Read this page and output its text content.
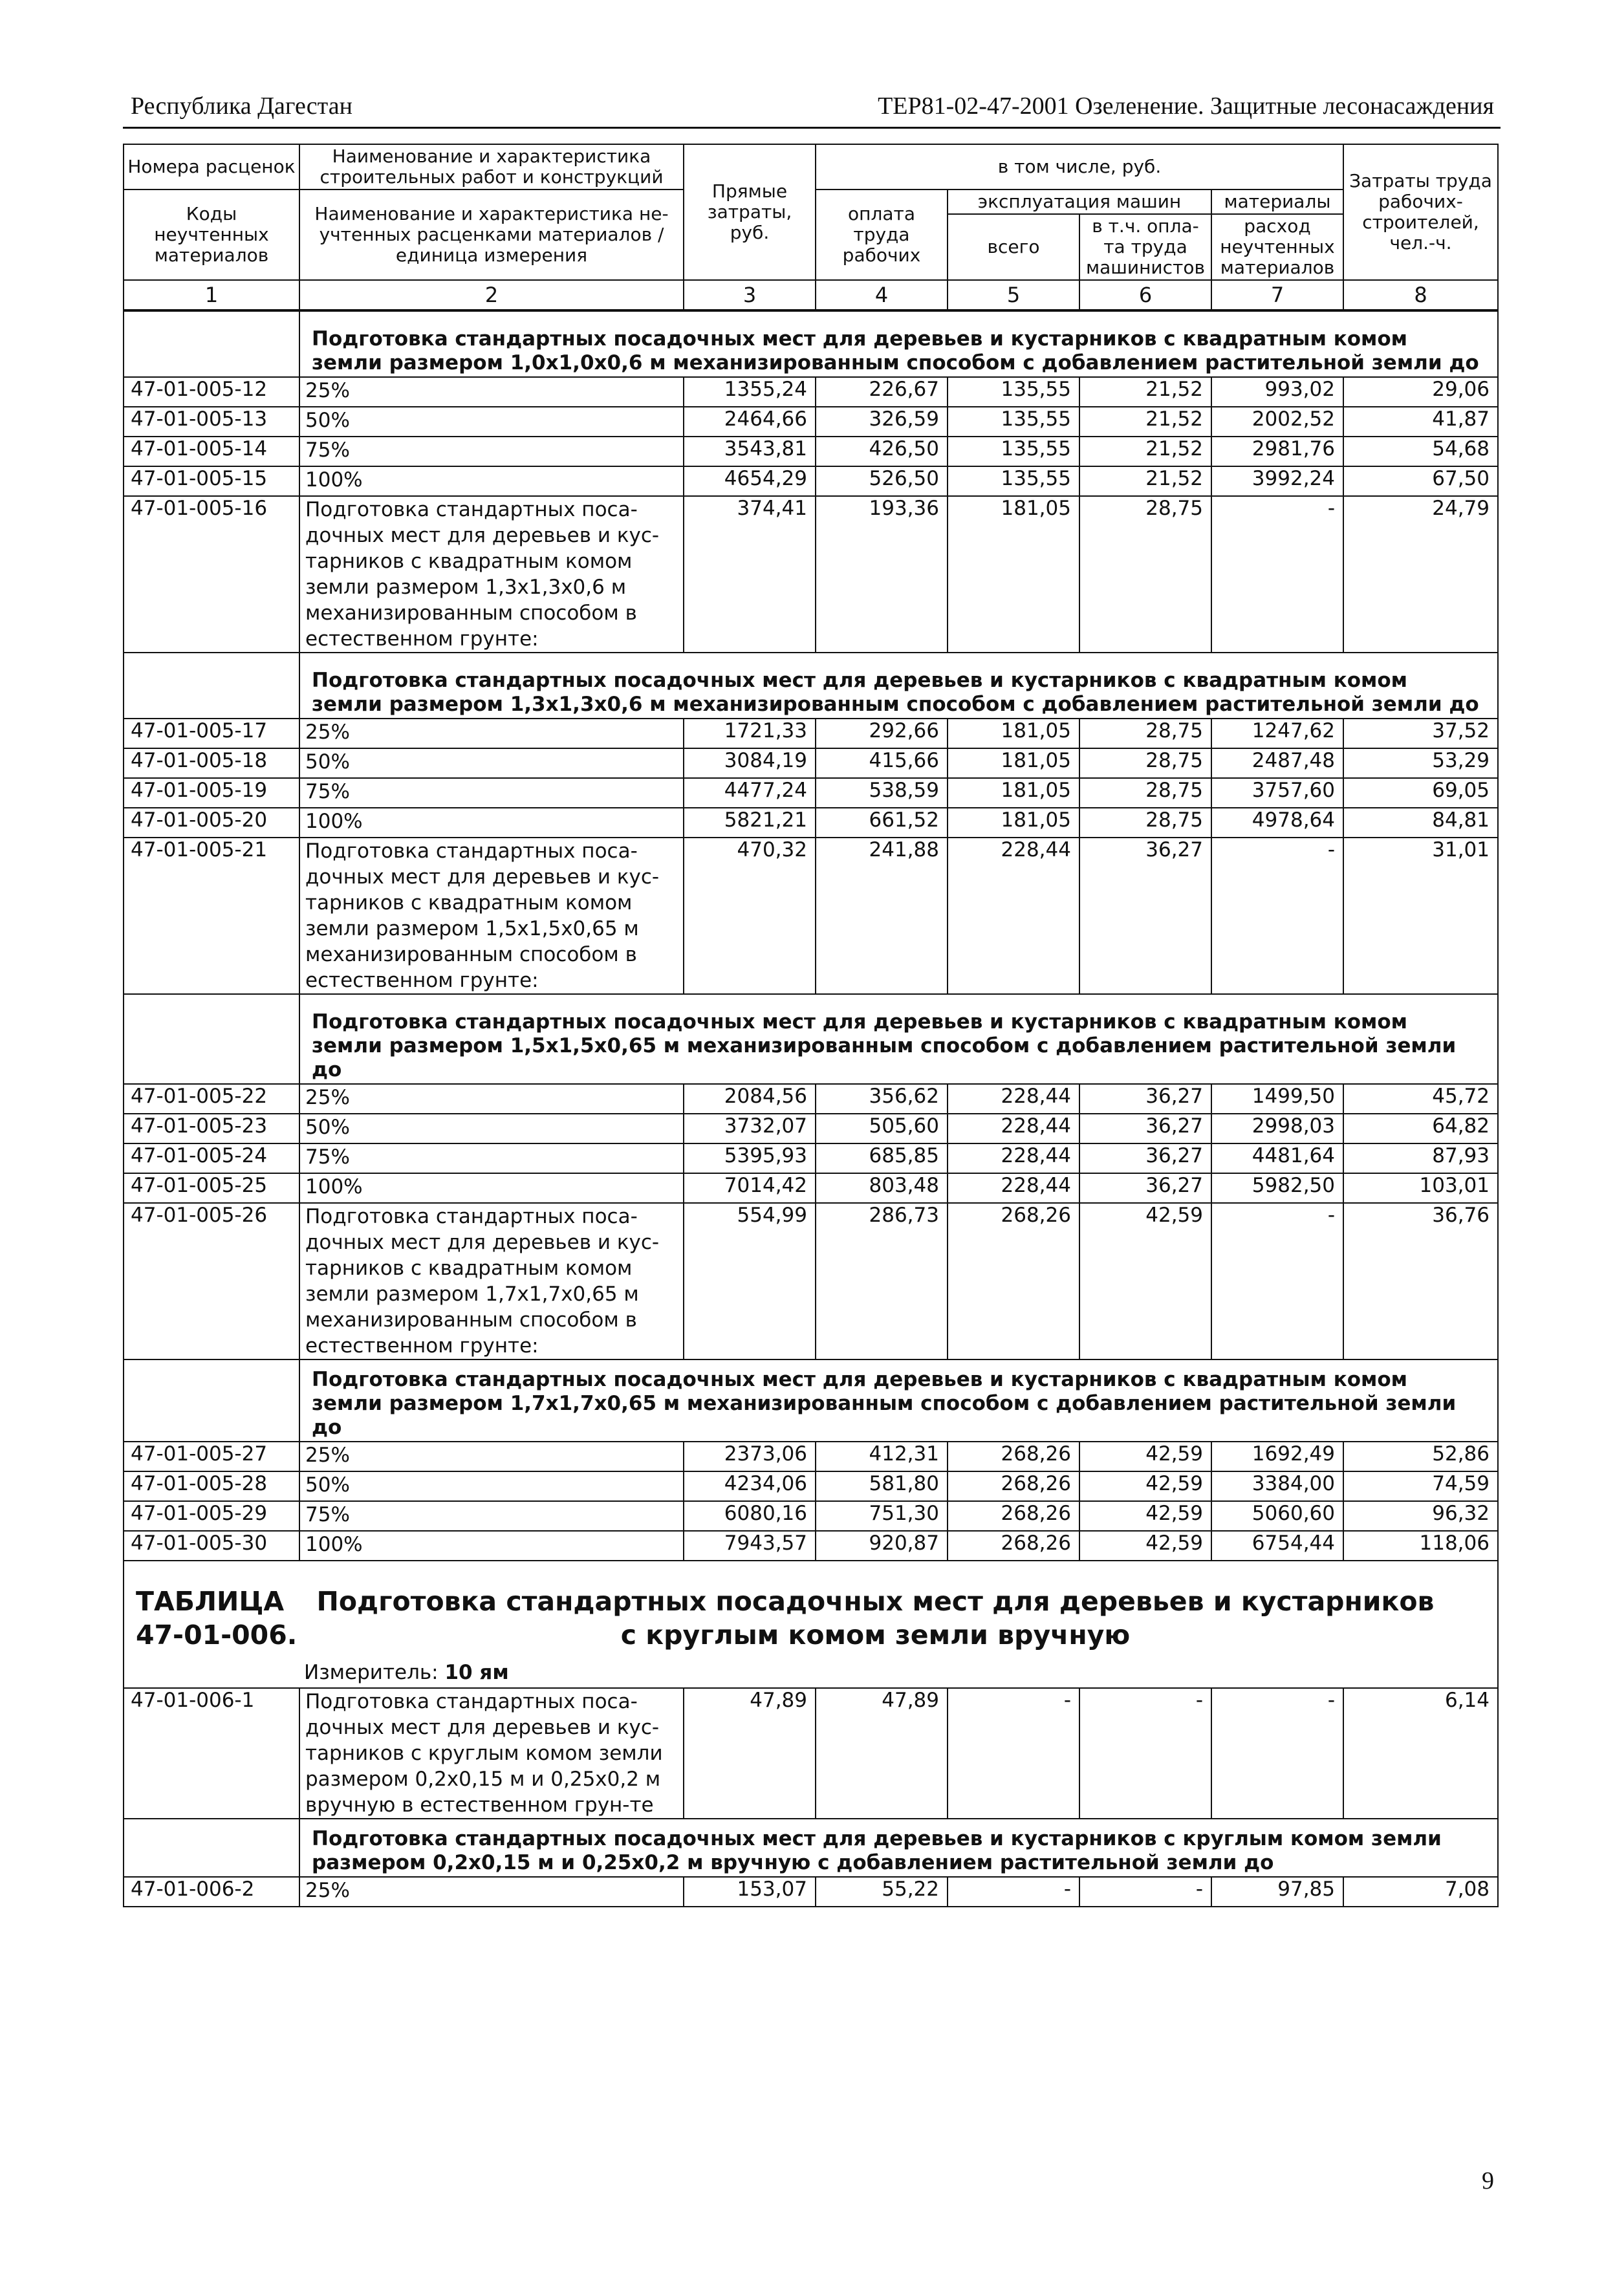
Республика Дагестан	ТЕР81-02-47-2001 Озеленение. Защитные лесонасаждения
Номера расценок	Наименование и характеристика строительных работ и конструкций	Прямые затраты, руб.	в том числе, руб.				Затраты труда рабочих-строителей, чел.-ч.
Коды неучтенных материалов	Наименование и характеристика не-учтенных расценками материалов / единица измерения		оплата труда рабочих	эксплуатация машин		материалы	
				всего	в т.ч. опла-та труда машинистов	расход неучтенных материалов	
1	2	3	4	5	6	7	8
	Подготовка стандартных посадочных мест для деревьев и кустарников с квадратным комом земли размером 1,0х1,0х0,6 м механизированным способом с добавлением растительной земли до						
47-01-005-12	25%	1355,24	226,67	135,55	21,52	993,02	29,06
47-01-005-13	50%	2464,66	326,59	135,55	21,52	2002,52	41,87
47-01-005-14	75%	3543,81	426,50	135,55	21,52	2981,76	54,68
47-01-005-15	100%	4654,29	526,50	135,55	21,52	3992,24	67,50
47-01-005-16	Подготовка стандартных поса-дочных мест для деревьев и кус-тарников с квадратным комом земли размером 1,3х1,3х0,6 м механизированным способом в естественном грунте:	374,41	193,36	181,05	28,75	-	24,79
	Подготовка стандартных посадочных мест для деревьев и кустарников с квадратным комом земли размером 1,3х1,3х0,6 м механизированным способом с добавлением растительной земли до						
47-01-005-17	25%	1721,33	292,66	181,05	28,75	1247,62	37,52
47-01-005-18	50%	3084,19	415,66	181,05	28,75	2487,48	53,29
47-01-005-19	75%	4477,24	538,59	181,05	28,75	3757,60	69,05
47-01-005-20	100%	5821,21	661,52	181,05	28,75	4978,64	84,81
47-01-005-21	Подготовка стандартных поса-дочных мест для деревьев и кус-тарников с квадратным комом земли размером 1,5х1,5х0,65 м механизированным способом в естественном грунте:	470,32	241,88	228,44	36,27	-	31,01
	Подготовка стандартных посадочных мест для деревьев и кустарников с квадратным комом земли размером 1,5х1,5х0,65 м механизированным способом с добавлением растительной земли до						
47-01-005-22	25%	2084,56	356,62	228,44	36,27	1499,50	45,72
47-01-005-23	50%	3732,07	505,60	228,44	36,27	2998,03	64,82
47-01-005-24	75%	5395,93	685,85	228,44	36,27	4481,64	87,93
47-01-005-25	100%	7014,42	803,48	228,44	36,27	5982,50	103,01
47-01-005-26	Подготовка стандартных поса-дочных мест для деревьев и кус-тарников с квадратным комом земли размером 1,7х1,7х0,65 м механизированным способом в естественном грунте:	554,99	286,73	268,26	42,59	-	36,76
	Подготовка стандартных посадочных мест для деревьев и кустарников с квадратным комом земли размером 1,7х1,7х0,65 м механизированным способом с добавлением растительной земли до						
47-01-005-27	25%	2373,06	412,31	268,26	42,59	1692,49	52,86
47-01-005-28	50%	4234,06	581,80	268,26	42,59	3384,00	74,59
47-01-005-29	75%	6080,16	751,30	268,26	42,59	5060,60	96,32
47-01-005-30	100%	7943,57	920,87	268,26	42,59	6754,44	118,06

ТАБЛИЦА 47-01-006.
Подготовка стандартных посадочных мест для деревьев и кустарников с круглым комом земли вручную
Измеритель: 10 ям							

47-01-006-1	Подготовка стандартных поса-дочных мест для деревьев и кус-тарников с круглым комом земли размером 0,2х0,15 м и 0,25х0,2 м вручную в естественном грун-те	47,89	47,89	-	-	-	6,14
	Подготовка стандартных посадочных мест для деревьев и кустарников с круглым комом земли размером 0,2х0,15 м и 0,25х0,2 м вручную с добавлением растительной земли до						
47-01-006-2	25%	153,07	55,22	-	-	97,85	7,08
9
